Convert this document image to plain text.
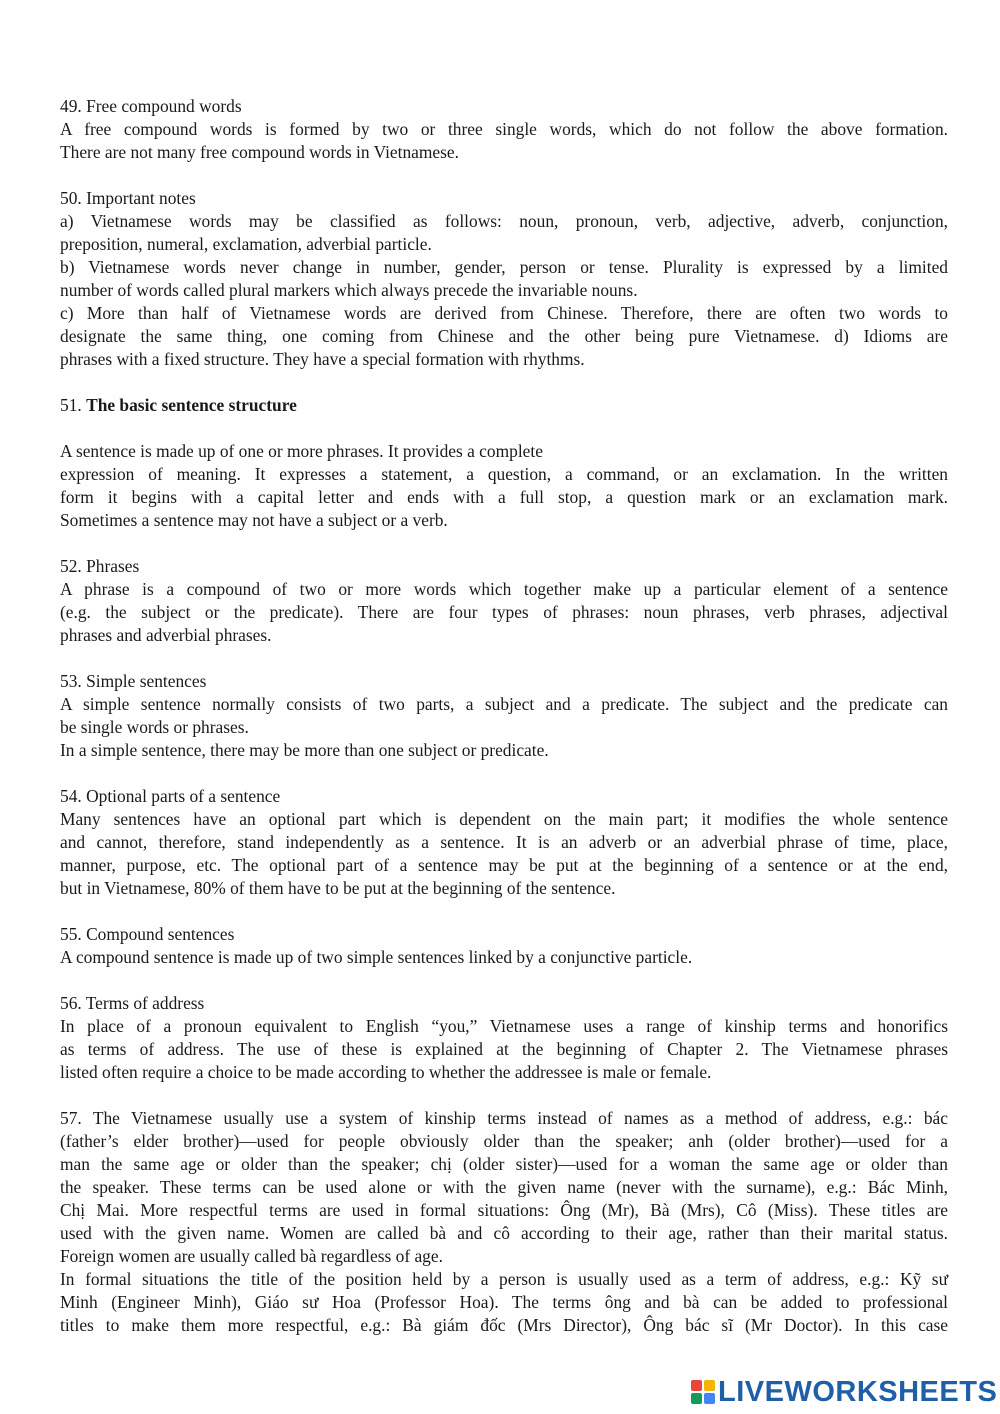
49. Free compound words

A free compound words is formed by two or three single words, which do not follow the above formation.

There are not many free compound words in Vietnamese.

50. Important notes

a) Vietnamese words may be classified as follows: noun, pronoun, verb, adjective, adverb, conjunction,

preposition, numeral, exclamation, adverbial particle.

b) Vietnamese words never change in number, gender, person or tense. Plurality is expressed by a limited

number of words called plural markers which always precede the invariable nouns.

c) More than half of Vietnamese words are derived from Chinese. Therefore, there are often two words to

designate the same thing, one coming from Chinese and the other being pure Vietnamese. d) Idioms are

phrases with a fixed structure. They have a special formation with rhythms.

51. The basic sentence structure

A sentence is made up of one or more phrases. It provides a complete

expression of meaning. It expresses a statement, a question, a command, or an exclamation. In the written

form it begins with a capital letter and ends with a full stop, a question mark or an exclamation mark.

Sometimes a sentence may not have a subject or a verb.

52. Phrases

A phrase is a compound of two or more words which together make up a particular element of a sentence

(e.g. the subject or the predicate). There are four types of phrases: noun phrases, verb phrases, adjectival

phrases and adverbial phrases.

53. Simple sentences

A simple sentence normally consists of two parts, a subject and a predicate. The subject and the predicate can

be single words or phrases.

In a simple sentence, there may be more than one subject or predicate.

54. Optional parts of a sentence

Many sentences have an optional part which is dependent on the main part; it modifies the whole sentence

and cannot, therefore, stand independently as a sentence. It is an adverb or an adverbial phrase of time, place,

manner, purpose, etc. The optional part of a sentence may be put at the beginning of a sentence or at the end,

but in Vietnamese, 80% of them have to be put at the beginning of the sentence.

55. Compound sentences

A compound sentence is made up of two simple sentences linked by a conjunctive particle.

56. Terms of address

In place of a pronoun equivalent to English “you,” Vietnamese uses a range of kinship terms and honorifics

as terms of address. The use of these is explained at the beginning of Chapter 2. The Vietnamese phrases

listed often require a choice to be made according to whether the addressee is male or female.

57. The Vietnamese usually use a system of kinship terms instead of names as a method of address, e.g.: bác

(father’s elder brother)—used for people obviously older than the speaker; anh (older brother)—used for a

man the same age or older than the speaker; chị (older sister)—used for a woman the same age or older than

the speaker. These terms can be used alone or with the given name (never with the surname), e.g.: Bác Minh,

Chị Mai. More respectful terms are used in formal situations: Ông (Mr), Bà (Mrs), Cô (Miss). These titles are

used with the given name. Women are called bà and cô according to their age, rather than their marital status.

Foreign women are usually called bà regardless of age.

In formal situations the title of the position held by a person is usually used as a term of address, e.g.: Kỹ sư

Minh (Engineer Minh), Giáo sư Hoa (Professor Hoa). The terms ông and bà can be added to professional

titles to make them more respectful, e.g.: Bà giám đốc (Mrs Director), Ông bác sĩ (Mr Doctor). In this case

LIVEWORKSHEETS
